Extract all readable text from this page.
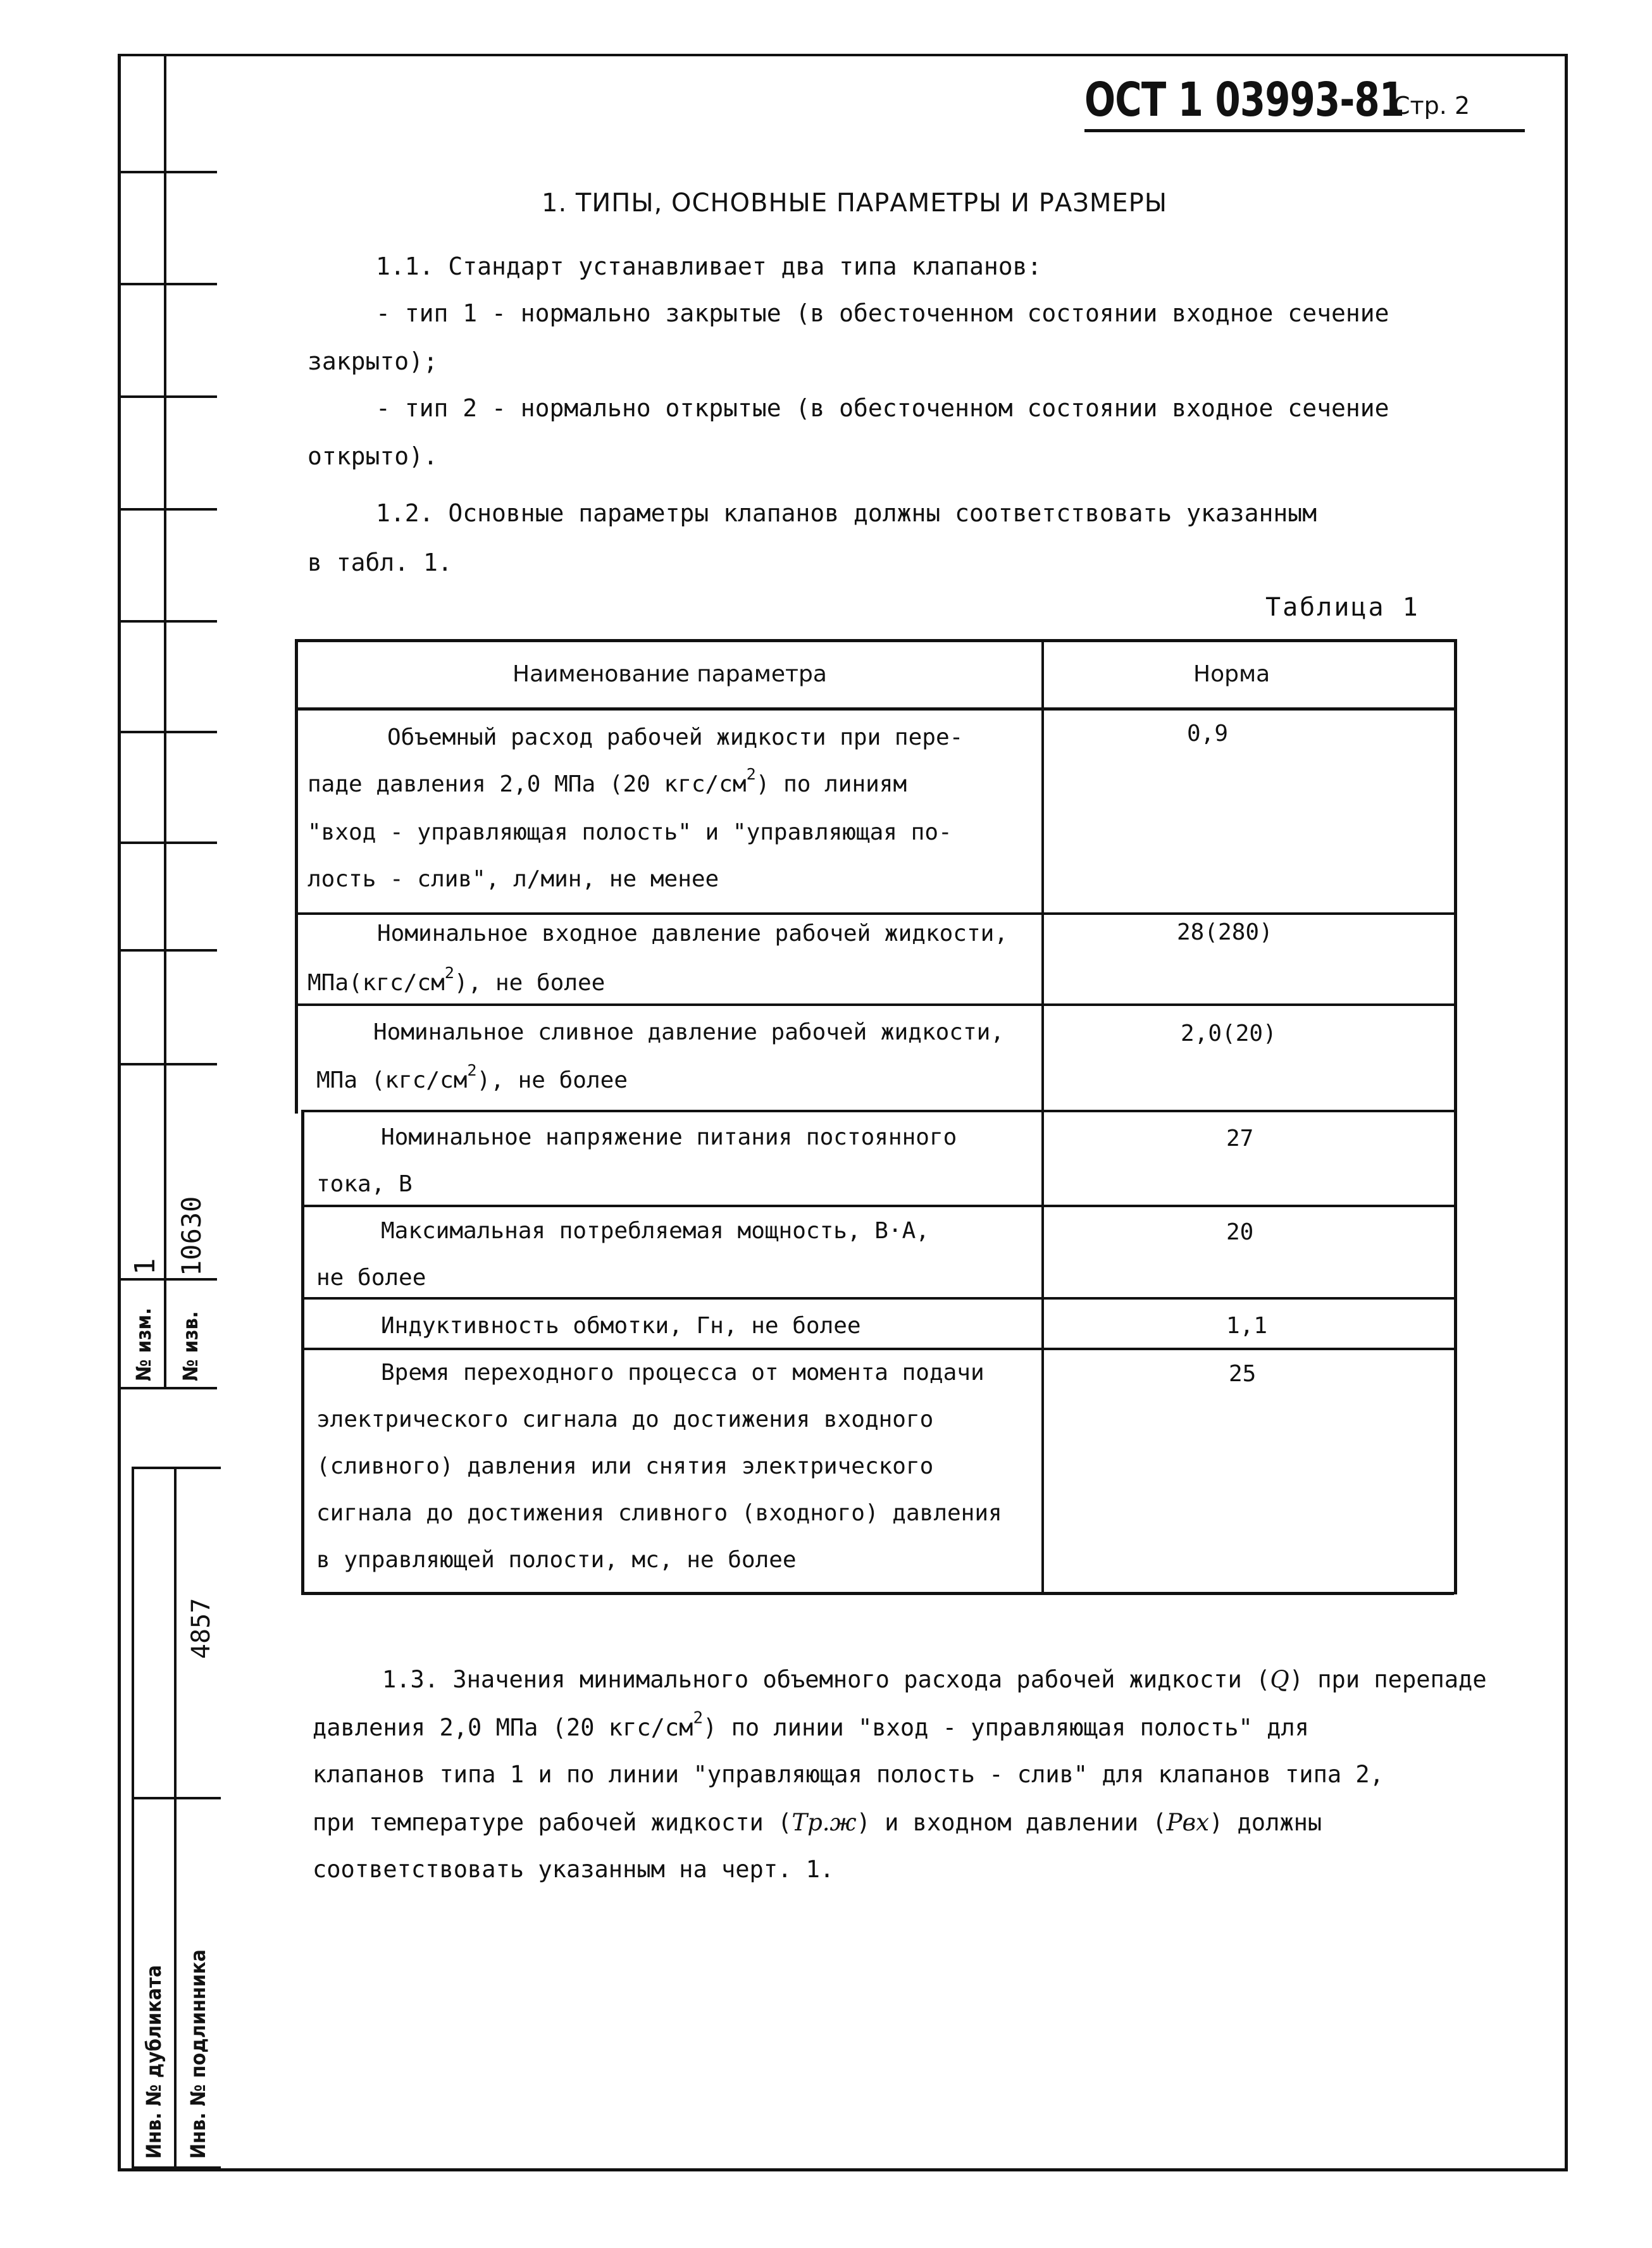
1 10630
№ изм. № изв.
4857
Инв. № дубликата Инв. № подлинника
ОСТ 1 03993-81
Стр. 2
1. ТИПЫ, ОСНОВНЫЕ ПАРАМЕТРЫ И РАЗМЕРЫ
1.1. Стандарт устанавливает два типа клапанов:
- тип 1 - нормально закрытые (в обесточенном состоянии входное сечение
закрыто);
- тип 2 - нормально открытые (в обесточенном состоянии входное сечение
открыто).
1.2. Основные параметры клапанов должны соответствовать указанным
в табл. 1.
Таблица 1
Наименование параметра	Норма
Объемный расход рабочей жидкости при пере-
паде давления 2,0 МПа (20 кгс/$см^2$) по линиям
"вход - управляющая полость" и "управляющая по-
лость - слив", л/мин, не менее
0,9
Номинальное входное давление рабочей жидкости,
$МПа(кгс/см^2)$, не более
28(280)
Номинальное сливное давление рабочей жидкости,
МПа $(кгс/см^2)$, не более
2,0(20)
Номинальное напряжение питания постоянного
тока, В
27
Максимальная потребляемая мощность, В·А,
не более
20
Индуктивность обмотки, Гн, не более	1,1
Время переходного процесса от момента подачи
электрического сигнала до достижения входного
(сливного) давления или снятия электрического
сигнала до достижения сливного (входного) давления
в управляющей полости, мс, не более
25
1.3. Значения минимального объемного расхода рабочей жидкости (Q) при перепаде
давления 2,0 МПа (20 кгс/$см^2$) по линии "вход - управляющая полость" для
клапанов типа 1 и по линии "управляющая полость - слив" для клапанов типа 2,
при температуре рабочей жидкости (Tр.ж) и входном давлении (Pвх) должны
соответствовать указанным на черт. 1.
